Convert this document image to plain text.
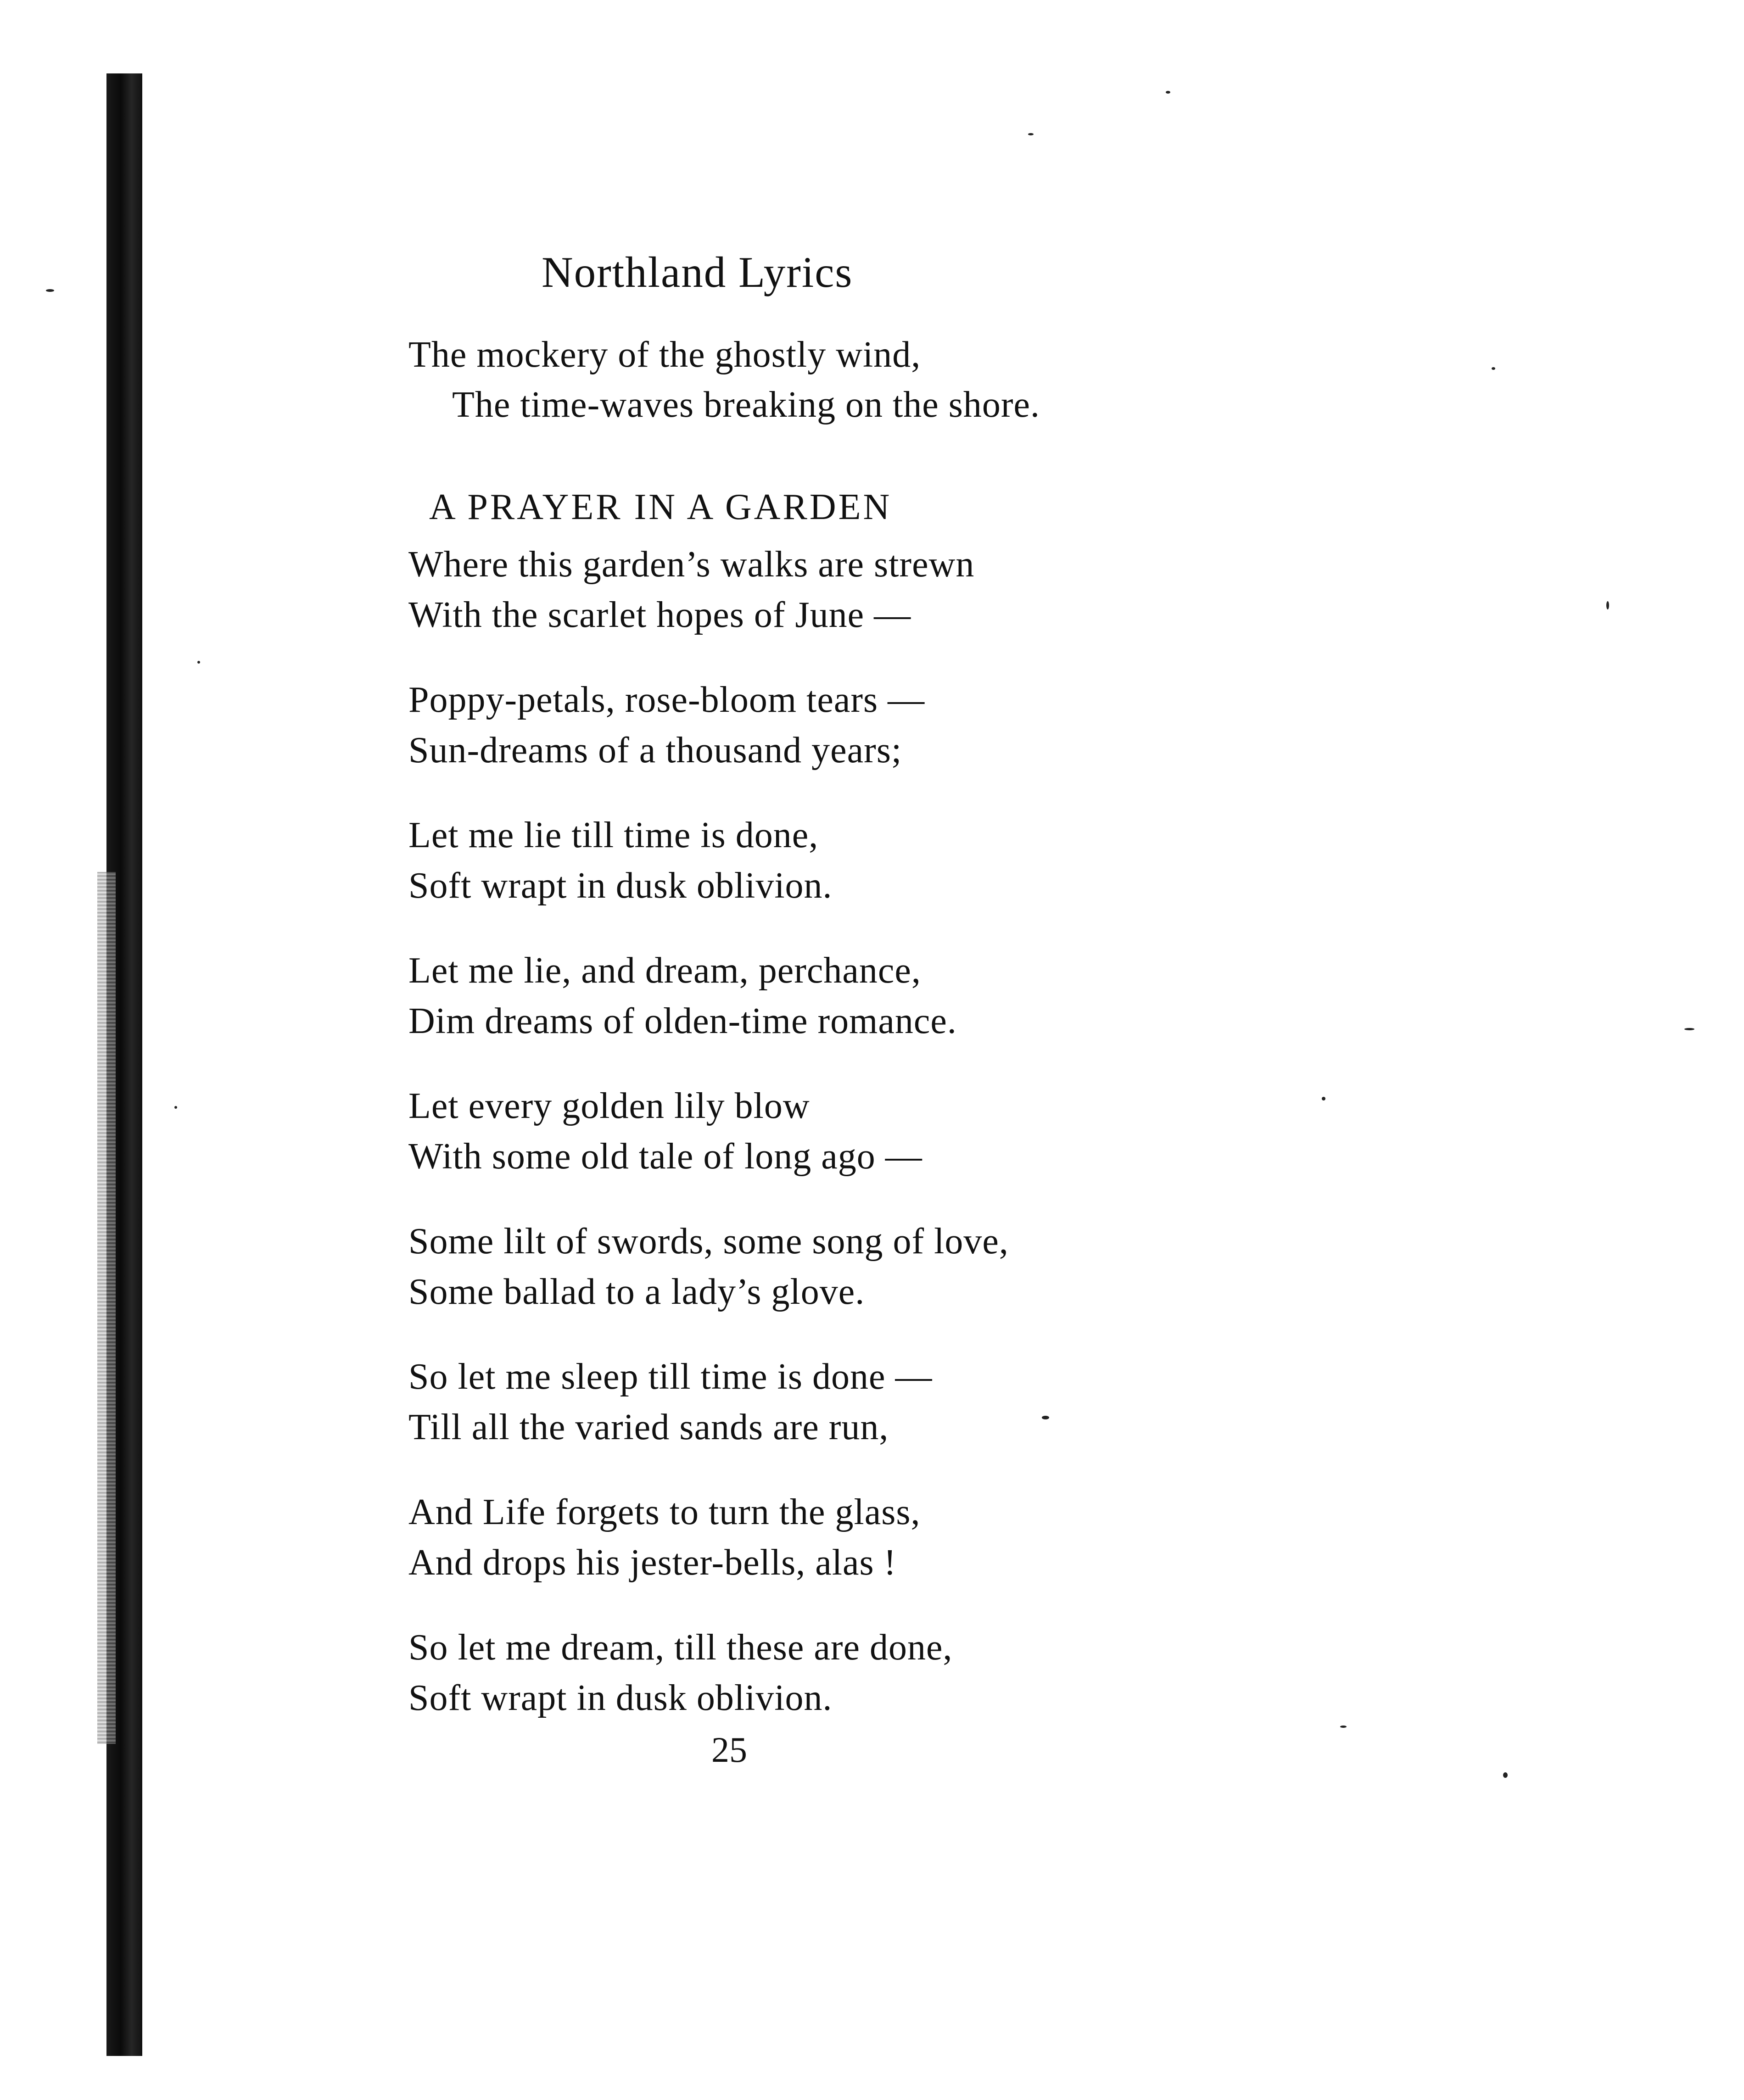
Northland Lyrics
The mockery of the ghostly wind,
The time-waves breaking on the shore.
A PRAYER IN A GARDEN
Where this garden’s walks are strewn
With the scarlet hopes of June —
Poppy-petals, rose-bloom tears —
Sun-dreams of a thousand years;
Let me lie till time is done,
Soft wrapt in dusk oblivion.
Let me lie, and dream, perchance,
Dim dreams of olden-time romance.
Let every golden lily blow
With some old tale of long ago —
Some lilt of swords, some song of love,
Some ballad to a lady’s glove.
So let me sleep till time is done —
Till all the varied sands are run,
And Life forgets to turn the glass,
And drops his jester-bells, alas !
So let me dream, till these are done,
Soft wrapt in dusk oblivion.
25
